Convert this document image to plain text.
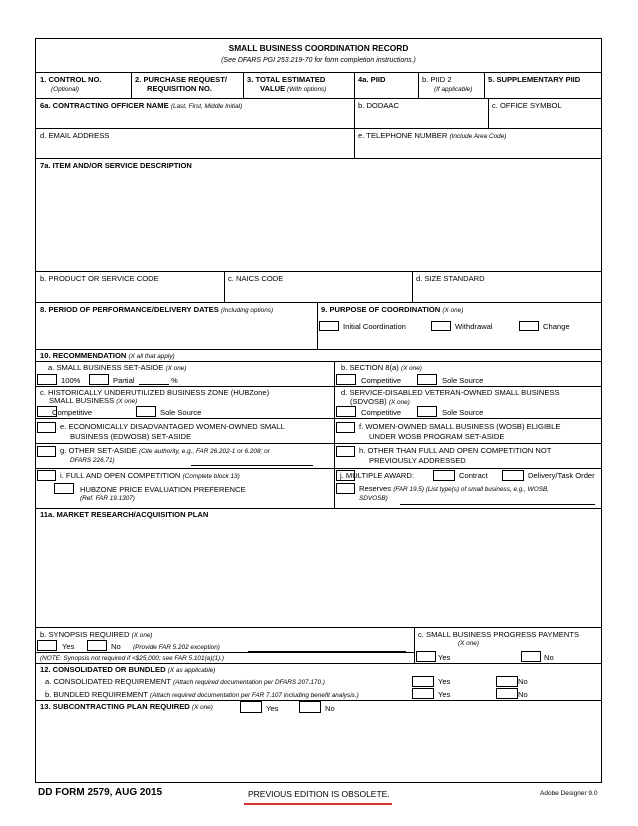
SMALL BUSINESS COORDINATION RECORD
(See DFARS PGI 253.219-70 for form completion instructions.)
1. CONTROL NO.
(Optional)
2. PURCHASE REQUEST/
REQUISITION NO.
3. TOTAL ESTIMATED
VALUE (With options)
4a. PIID	b. PIID 2
(If applicable)
5. SUPPLEMENTARY PIID
6a. CONTRACTING OFFICER NAME (Last, First, Middle Initial)	b. DODAAC	c. OFFICE SYMBOL
d. EMAIL ADDRESS	e. TELEPHONE NUMBER (Include Area Code)
7a. ITEM AND/OR SERVICE DESCRIPTION
b. PRODUCT OR SERVICE CODE	c. NAICS CODE	d. SIZE STANDARD
8. PERIOD OF PERFORMANCE/DELIVERY DATES (Including options)	9. PURPOSE OF COORDINATION (X one)
Initial Coordination	Withdrawal	Change
10. RECOMMENDATION (X all that apply)
a. SMALL BUSINESS SET-ASIDE (X one)
100%	Partial	%
b. SECTION 8(a) (X one)
Competitive	Sole Source
c. HISTORICALLY UNDERUTILIZED BUSINESS ZONE (HUBZone)
SMALL BUSINESS (X one)
Competitive	Sole Source
d. SERVICE-DISABLED VETERAN-OWNED SMALL BUSINESS
(SDVOSB) (X one)
Competitive	Sole Source
e. ECONOMICALLY DISADVANTAGED WOMEN-OWNED SMALL
BUSINESS (EDWOSB) SET-ASIDE
f. WOMEN-OWNED SMALL BUSINESS (WOSB) ELIGIBLE
UNDER WOSB PROGRAM SET-ASIDE
g. OTHER SET-ASIDE (Cite authority, e.g., FAR 26.202-1 or 6.208; or
DFARS 226.71)
h. OTHER THAN FULL AND OPEN COMPETITION NOT
PREVIOUSLY ADDRESSED
i. FULL AND OPEN COMPETITION (Complete block 13)
HUBZONE PRICE EVALUATION PREFERENCE
(Ref. FAR 19.1307)
j. MULTIPLE AWARD:	Contract	Delivery/Task Order
Reserves (FAR 19.5) (List type(s) of small business, e.g., WOSB,
SDVOSB)
11a. MARKET RESEARCH/ACQUISITION PLAN
b. SYNOPSIS REQUIRED (X one)
Yes	No (Provide FAR 5.202 exception)
(NOTE: Synopsis not required if <$25,000; see FAR 5.101(a)(1).)
c. SMALL BUSINESS PROGRESS PAYMENTS
(X one)
Yes	No
12. CONSOLIDATED OR BUNDLED (X as applicable)
a. CONSOLIDATED REQUIREMENT (Attach required documentation per DFARS 207.170.)	Yes	No
b. BUNDLED REQUIREMENT (Attach required documentation per FAR 7.107 including benefit analysis.)	Yes	No
13. SUBCONTRACTING PLAN REQUIRED (X one)	Yes	No
DD FORM 2579, AUG 2015	PREVIOUS EDITION IS OBSOLETE.	Adobe Designer 9.0
